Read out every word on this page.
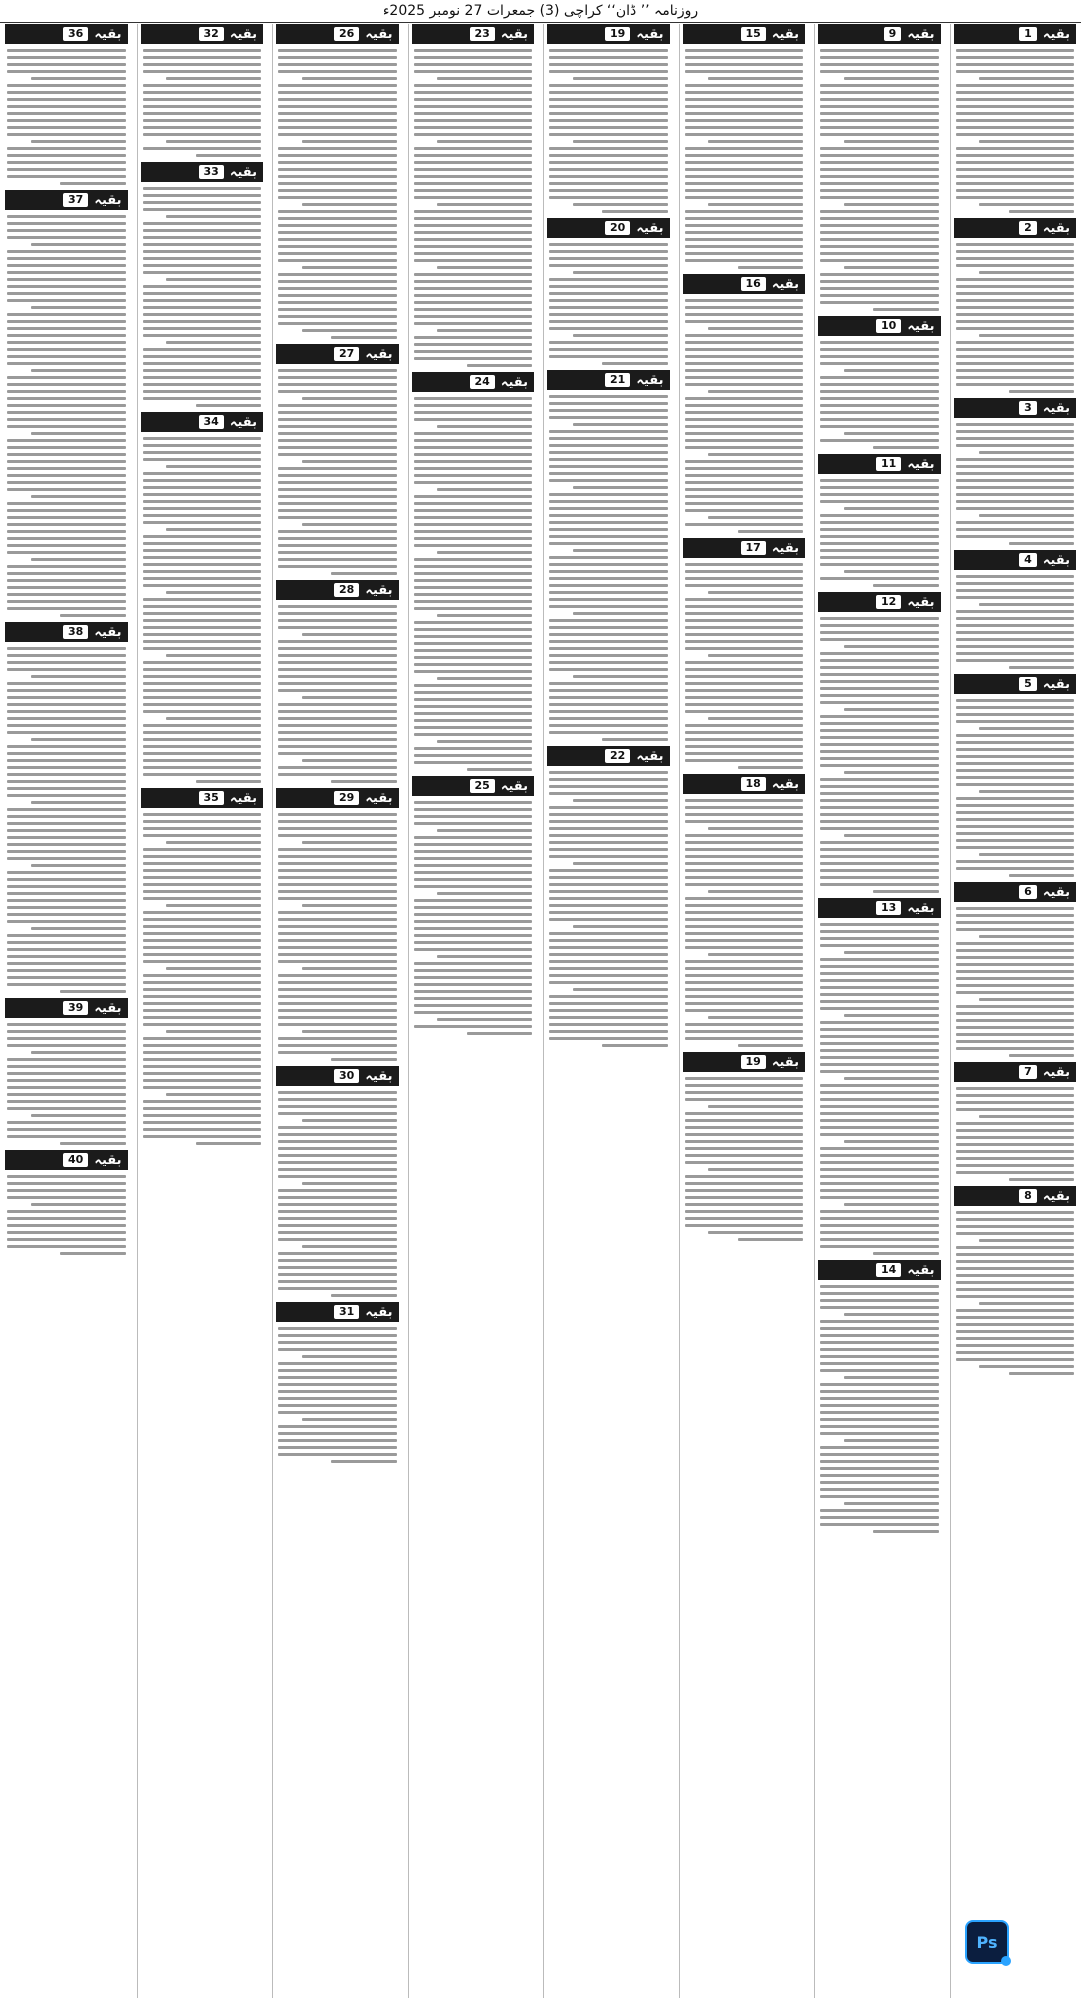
روزنامہ ’’ ڈان‘‘ کراچی (3) جمعرات 27 نومبر 2025ء
بقیہ
1
بقیہ
2
بقیہ
3
بقیہ
4
بقیہ
5
بقیہ
6
بقیہ
7
بقیہ
8
بقیہ
9
بقیہ
10
بقیہ
11
بقیہ
12
بقیہ
13
بقیہ
14
بقیہ
15
بقیہ
16
بقیہ
17
بقیہ
18
بقیہ
19
بقیہ
19
بقیہ
20
بقیہ
21
بقیہ
22
بقیہ
23
بقیہ
24
بقیہ
25
بقیہ
26
بقیہ
27
بقیہ
28
بقیہ
29
بقیہ
30
بقیہ
31
بقیہ
32
بقیہ
33
بقیہ
34
بقیہ
35
بقیہ
36
بقیہ
37
بقیہ
38
بقیہ
39
بقیہ
40
Ps
